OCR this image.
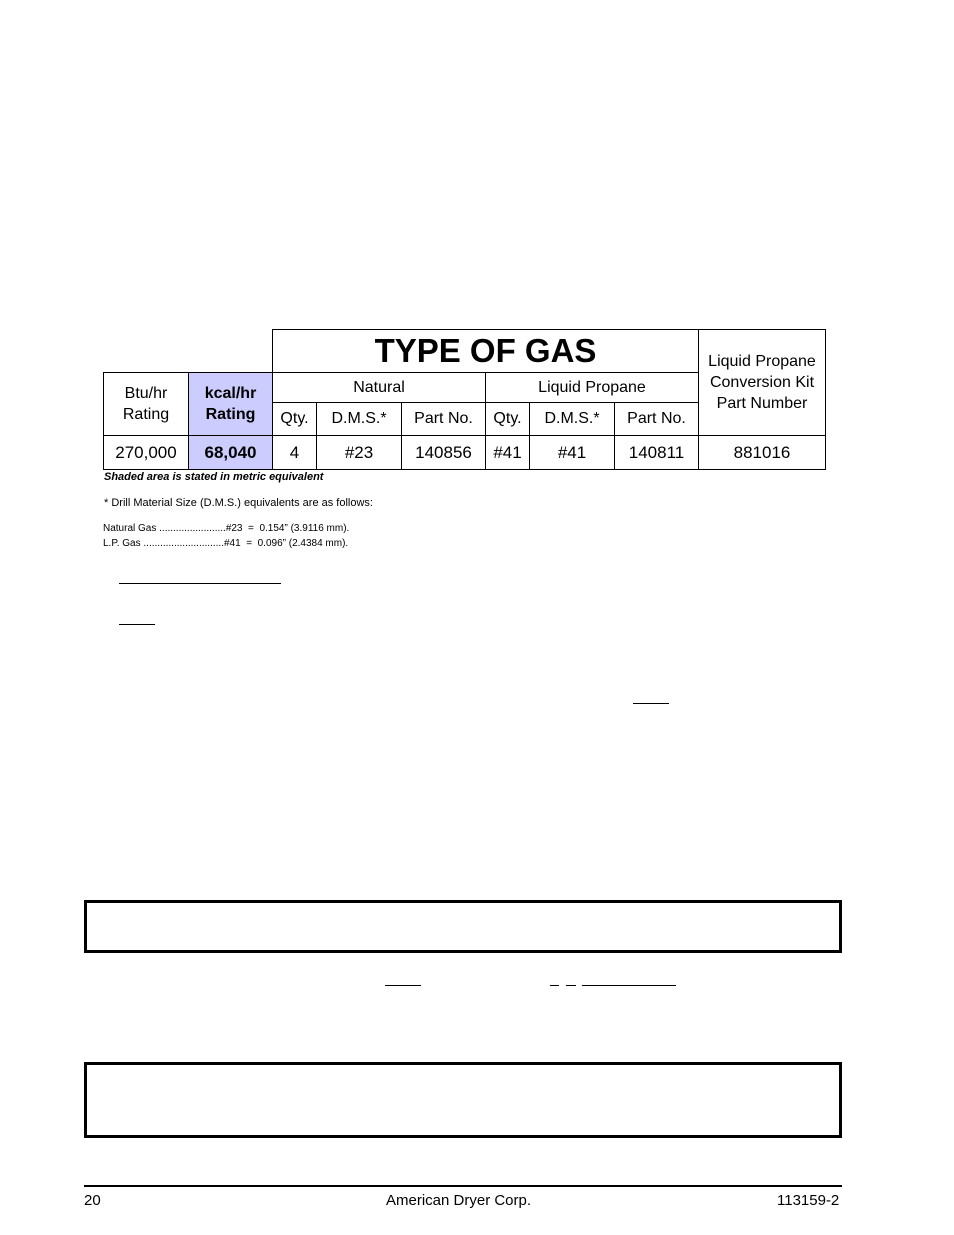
		TYPE OF GAS						Liquid Propane Conversion Kit Part Number
Btu/hr Rating	kcal/hr Rating	Natural			Liquid Propane			
		Qty.	D.M.S.*	Part No.	Qty.	D.M.S.*	Part No.	
270,000	68,040	4	#23	140856	#41	#41	140811	881016
Shaded area is stated in metric equivalent
* Drill Material Size (D.M.S.) equivalents are as follows:
Natural Gas ........................#23  =  0.154” (3.9116 mm).
L.P. Gas .............................#41  =  0.096” (2.4384 mm).
20	American Dryer Corp.	113159-2
